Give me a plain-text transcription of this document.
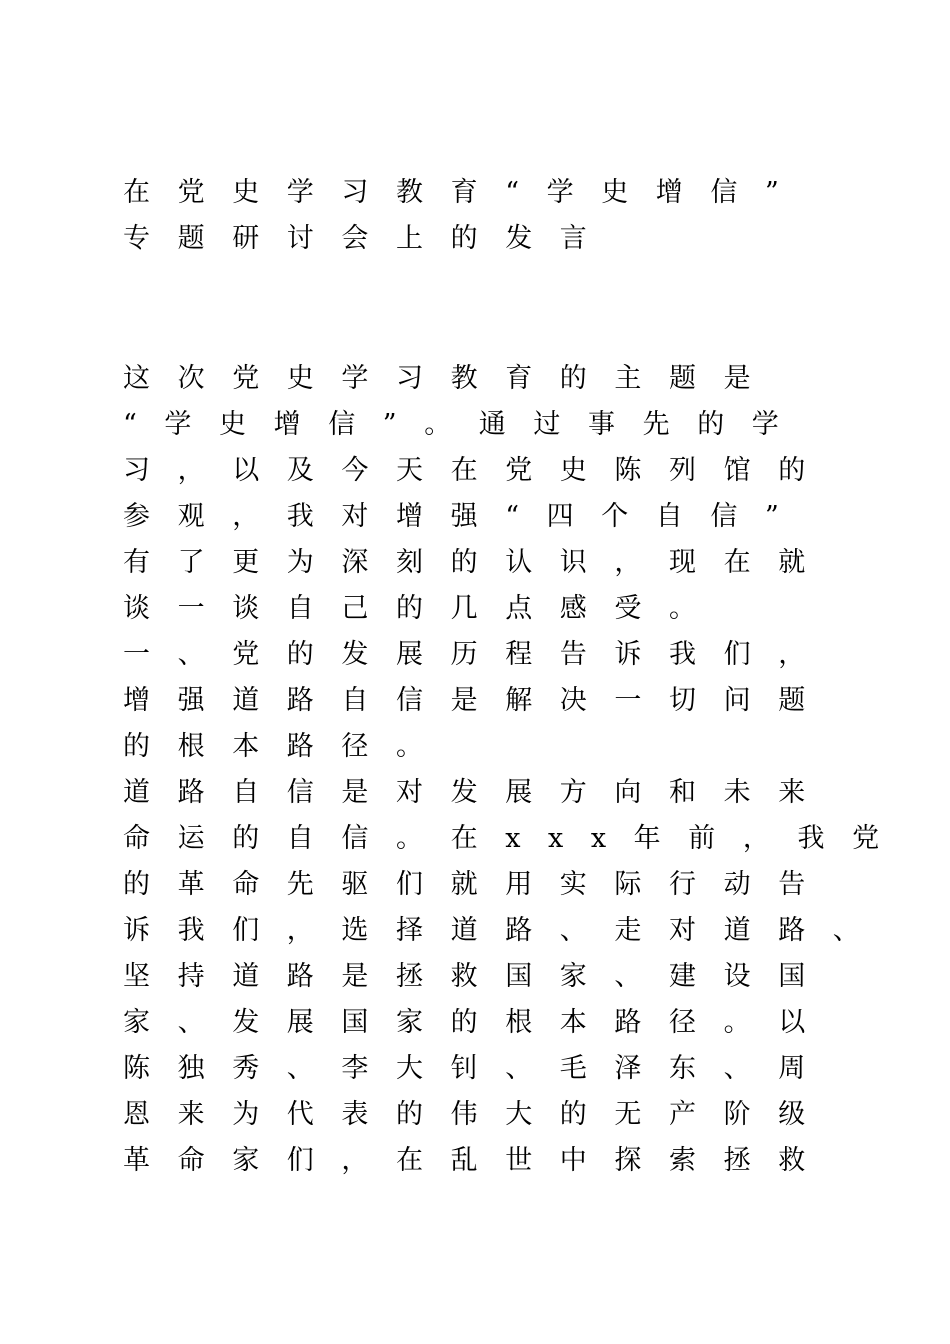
在党史学习教育“学史增信”
专题研讨会上的发言
这次党史学习教育的主题是
“学史增信”。通过事先的学
习，以及今天在党史陈列馆的
参观，我对增强“四个自信”
有了更为深刻的认识，现在就
谈一谈自己的几点感受。
一、党的发展历程告诉我们，
增强道路自信是解决一切问题
的根本路径。
道路自信是对发展方向和未来
命运的自信。在xxx年前，我党
的革命先驱们就用实际行动告
诉我们，选择道路、走对道路、
坚持道路是拯救国家、建设国
家、发展国家的根本路径。以
陈独秀、李大钊、毛泽东、周
恩来为代表的伟大的无产阶级
革命家们，在乱世中探索拯救
